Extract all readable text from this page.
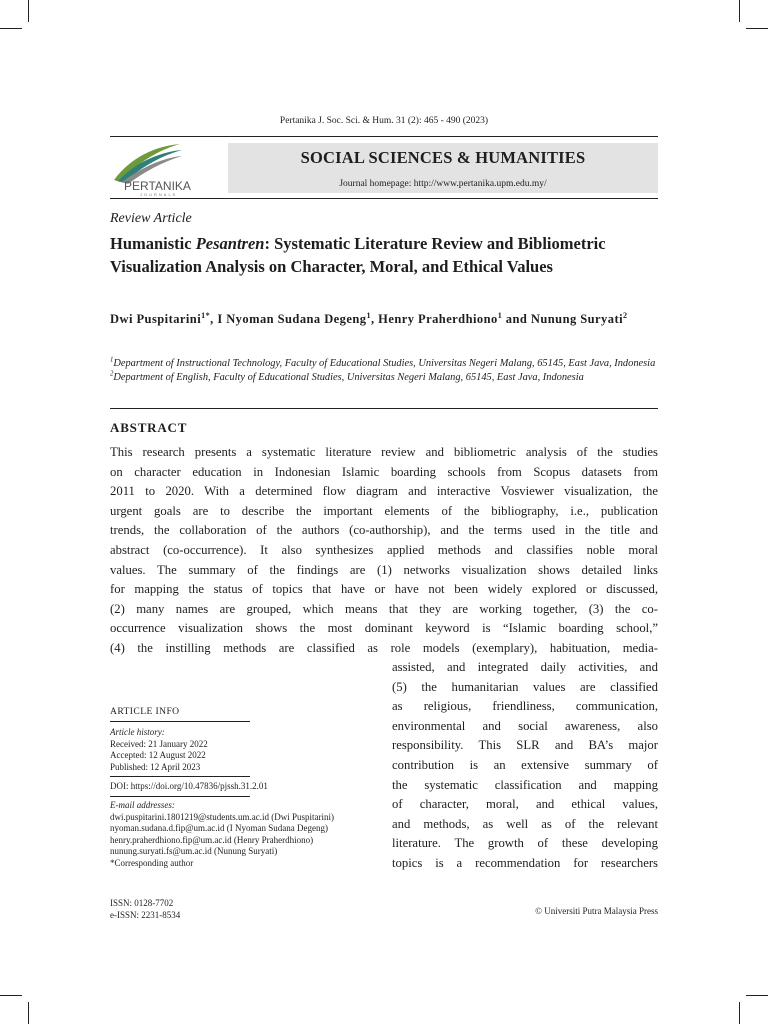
Pertanika J. Soc. Sci. & Hum. 31 (2): 465 - 490 (2023)
PERTANIKA
JOURNALS
SOCIAL SCIENCES & HUMANITIES
Journal homepage: http://www.pertanika.upm.edu.my/
Review Article
Humanistic Pesantren: Systematic Literature Review and Bibliometric Visualization Analysis on Character, Moral, and Ethical Values
Dwi Puspitarini$^{1*}$, I Nyoman Sudana Degeng$^1$, Henry Praherdhiono$^1$ and Nunung Suryati$^2$
$^1$Department of Instructional Technology, Faculty of Educational Studies, Universitas Negeri Malang, 65145, East Java, Indonesia
$^2$Department of English, Faculty of Educational Studies, Universitas Negeri Malang, 65145, East Java, Indonesia
ABSTRACT
This research presents a systematic literature review and bibliometric analysis of the studies
on character education in Indonesian Islamic boarding schools from Scopus datasets from
2011 to 2020. With a determined flow diagram and interactive Vosviewer visualization, the
urgent goals are to describe the important elements of the bibliography, i.e., publication
trends, the collaboration of the authors (co-authorship), and the terms used in the title and
abstract (co-occurrence). It also synthesizes applied methods and classifies noble moral
values. The summary of the findings are (1) networks visualization shows detailed links
for mapping the status of topics that have or have not been widely explored or discussed,
(2) many names are grouped, which means that they are working together, (3) the co-
occurrence visualization shows the most dominant keyword is “Islamic boarding school,”
(4) the instilling methods are classified as role models (exemplary), habituation, media-
assisted, and integrated daily activities, and
(5) the humanitarian values are classified
as religious, friendliness, communication,
environmental and social awareness, also
responsibility. This SLR and BA’s major
contribution is an extensive summary of
the systematic classification and mapping
of character, moral, and ethical values,
and methods, as well as of the relevant
literature. The growth of these developing
topics is a recommendation for researchers
ARTICLE INFO
Article history:
Received: 21 January 2022
Accepted: 12 August 2022
Published: 12 April 2023
DOI: https://doi.org/10.47836/pjssh.31.2.01
E-mail addresses:
dwi.puspitarini.1801219@students.um.ac.id (Dwi Puspitarini)
nyoman.sudana.d.fip@um.ac.id (I Nyoman Sudana Degeng)
henry.praherdhiono.fip@um.ac.id (Henry Praherdhiono)
nunung.suryati.fs@um.ac.id (Nunung Suryati)
*Corresponding author
ISSN: 0128-7702
e-ISSN: 2231-8534	© Universiti Putra Malaysia Press
